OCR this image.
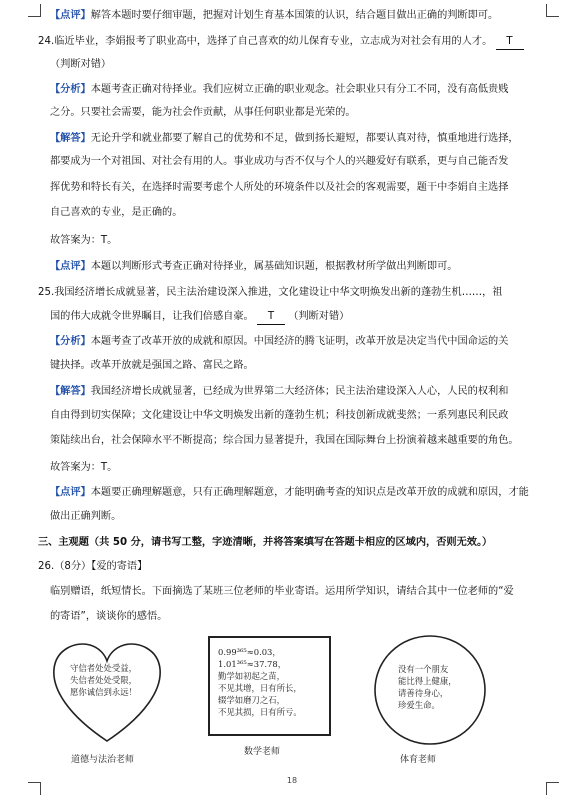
【点评】解答本题时要仔细审题，把握对计划生育基本国策的认识，结合题目做出正确的判断即可。
24.临近毕业，李娟报考了职业高中，选择了自己喜欢的幼儿保育专业，立志成为对社会有用的人才。 T
（判断对错）
【分析】本题考查正确对待择业。我们应树立正确的职业观念。社会职业只有分工不同，没有高低贵贱
之分。只要社会需要，能为社会作贡献，从事任何职业都是光荣的。
【解答】无论升学和就业都要了解自己的优势和不足，做到扬长避短，都要认真对待，慎重地进行选择，
都要成为一个对祖国、对社会有用的人。事业成功与否不仅与个人的兴趣爱好有联系，更与自己能否发
挥优势和特长有关，在选择时需要考虑个人所处的环境条件以及社会的客观需要，题干中李娟自主选择
自己喜欢的专业，是正确的。
故答案为：T。
【点评】本题以判断形式考查正确对待择业，属基础知识题，根据教材所学做出判断即可。
25.我国经济增长成就显著，民主法治建设深入推进，文化建设让中华文明焕发出新的蓬勃生机……，祖
国的伟大成就令世界瞩目，让我们倍感自豪。 T （判断对错）
【分析】本题考查了改革开放的成就和原因。中国经济的腾飞证明，改革开放是决定当代中国命运的关
键抉择。改革开放就是强国之路、富民之路。
【解答】我国经济增长成就显著，已经成为世界第二大经济体；民主法治建设深入人心，人民的权利和
自由得到切实保障；文化建设让中华文明焕发出新的蓬勃生机；科技创新成就斐然；一系列惠民利民政
策陆续出台，社会保障水平不断提高；综合国力显著提升，我国在国际舞台上扮演着越来越重要的角色。
故答案为：T。
【点评】本题要正确理解题意，只有正确理解题意，才能明确考查的知识点是改革开放的成就和原因，才能
做出正确判断。
三、主观题（共 50 分，请书写工整，字迹清晰，并将答案填写在答题卡相应的区域内，否则无效。）
26.（8分）【爱的寄语】
临别赠语，纸短情长。下面摘选了某班三位老师的毕业寄语。运用所学知识，请结合其中一位老师的“爱
的寄语”，谈谈你的感悟。
守信者处处受益，
失信者处处受限，
愿你诚信到永远！
道德与法治老师
0.99³⁶⁵≈0.03，
1.01³⁶⁵≈37.78，
勤学如初起之苗，
不见其增，日有所长，
辍学如磨刀之石，
不见其损，日有所亏。
数学老师
没有一个朋友
能比得上健康，
请善待身心，
珍爱生命。
体育老师
18
